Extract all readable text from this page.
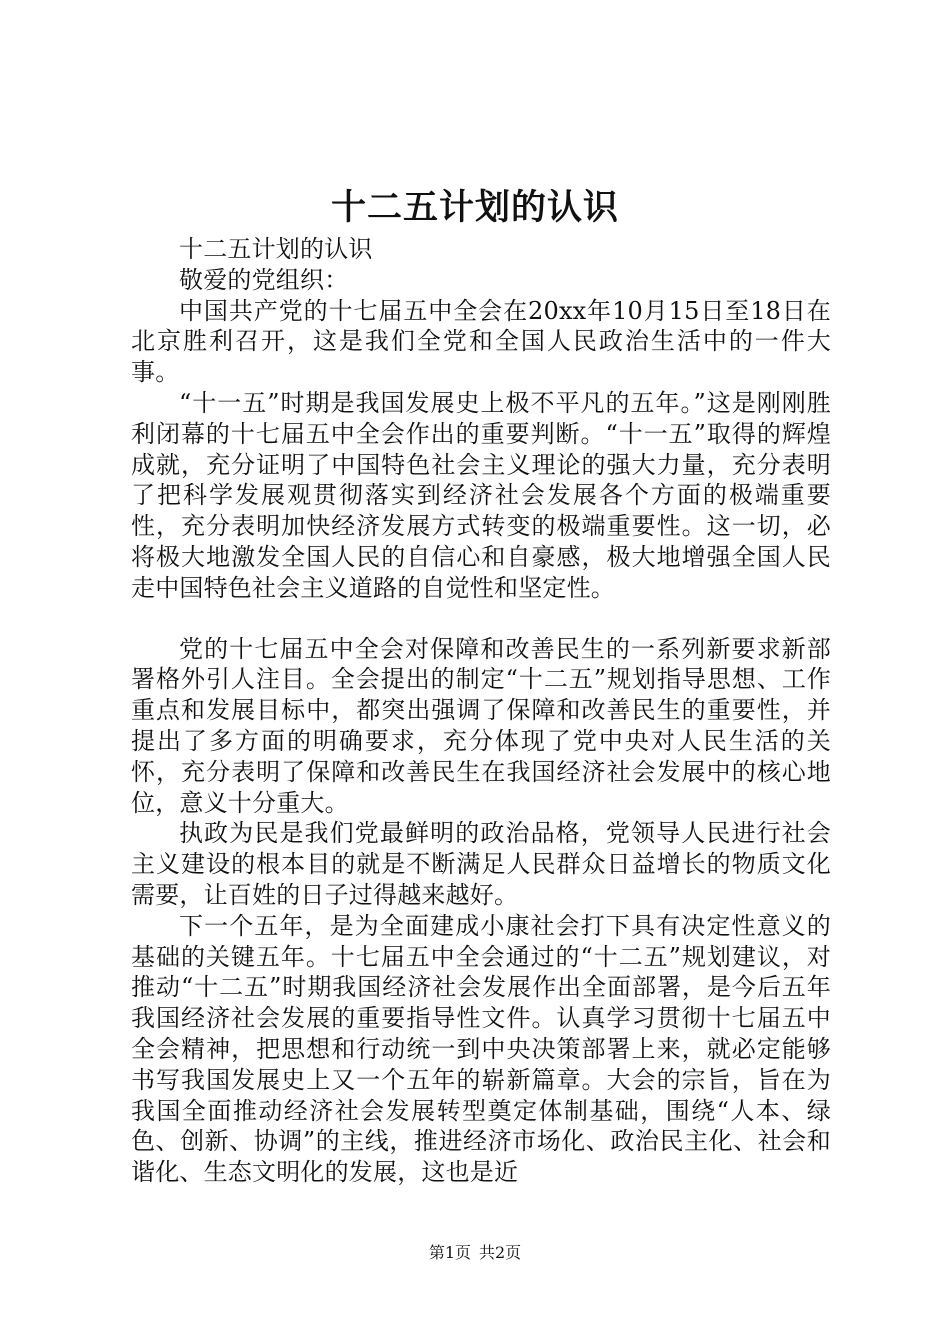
十二五计划的认识

十二五计划的认识

敬爱的党组织：

中国共产党的十七届五中全会在20xx年10月15日至18日在北京胜利召开，这是我们全党和全国人民政治生活中的一件大事。

“十一五”时期是我国发展史上极不平凡的五年。”这是刚刚胜利闭幕的十七届五中全会作出的重要判断。“十一五”取得的辉煌成就，充分证明了中国特色社会主义理论的强大力量，充分表明了把科学发展观贯彻落实到经济社会发展各个方面的极端重要性，充分表明加快经济发展方式转变的极端重要性。这一切，必将极大地激发全国人民的自信心和自豪感，极大地增强全国人民走中国特色社会主义道路的自觉性和坚定性。

党的十七届五中全会对保障和改善民生的一系列新要求新部署格外引人注目。全会提出的制定“十二五”规划指导思想、工作重点和发展目标中，都突出强调了保障和改善民生的重要性，并提出了多方面的明确要求，充分体现了党中央对人民生活的关怀，充分表明了保障和改善民生在我国经济社会发展中的核心地位，意义十分重大。

执政为民是我们党最鲜明的政治品格，党领导人民进行社会主义建设的根本目的就是不断满足人民群众日益增长的物质文化需要，让百姓的日子过得越来越好。

下一个五年，是为全面建成小康社会打下具有决定性意义的基础的关键五年。十七届五中全会通过的“十二五”规划建议，对推动“十二五”时期我国经济社会发展作出全面部署，是今后五年我国经济社会发展的重要指导性文件。认真学习贯彻十七届五中全会精神，把思想和行动统一到中央决策部署上来，就必定能够书写我国发展史上又一个五年的崭新篇章。大会的宗旨，旨在为我国全面推动经济社会发展转型奠定体制基础，围绕“人本、绿色、创新、协调”的主线，推进经济市场化、政治民主化、社会和谐化、生态文明化的发展，这也是近

第1页 共2页
